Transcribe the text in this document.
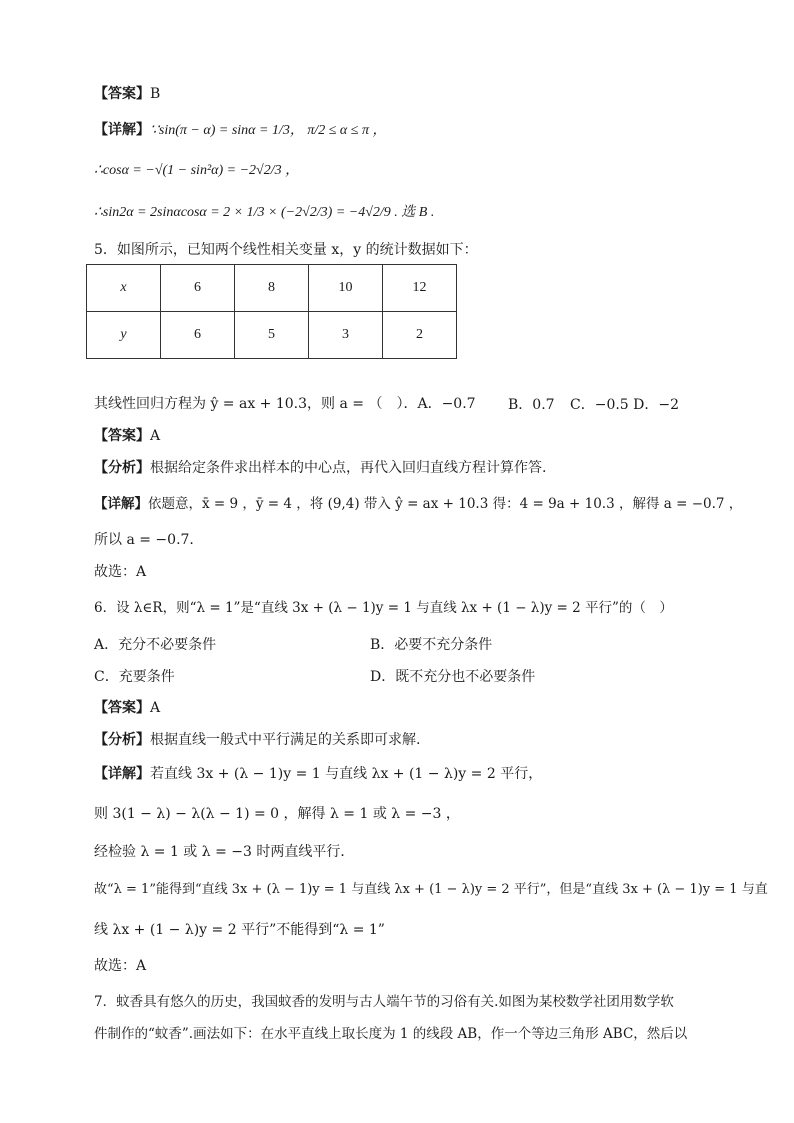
【答案】B
【详解】∵sin(π − α) = sinα = 1/3， π/2 ≤ α ≤ π ，
∴cosα = −√(1 − sin²α) = −2√2/3 ，
∴sin2α = 2sinαcosα = 2 × 1/3 × (−2√2/3) = −4√2/9 . 选 B .
5．如图所示，已知两个线性相关变量 x，y 的统计数据如下：
x	6	8	10	12
y	6	5	3	2
其线性回归方程为 ŷ = ax + 10.3，则 a = （　）．A．−0.7 B．0.7 C．−0.5 D．−2
【答案】A
【分析】根据给定条件求出样本的中心点，再代入回归直线方程计算作答.
【详解】依题意，x̄ = 9 ，ȳ = 4 ，将 (9,4) 带入 ŷ = ax + 10.3 得：4 = 9a + 10.3 ，解得 a = −0.7 ，
所以 a = −0.7.
故选：A
6．设 λ∈R，则“λ = 1”是“直线 3x + (λ − 1)y = 1 与直线 λx + (1 − λ)y = 2 平行”的（　）
A．充分不必要条件	B．必要不充分条件
C．充要条件	D．既不充分也不必要条件
【答案】A
【分析】根据直线一般式中平行满足的关系即可求解.
【详解】若直线 3x + (λ − 1)y = 1 与直线 λx + (1 − λ)y = 2 平行，
则 3(1 − λ) − λ(λ − 1) = 0 ，解得 λ = 1 或 λ = −3 ，
经检验 λ = 1 或 λ = −3 时两直线平行．
故“λ = 1”能得到“直线 3x + (λ − 1)y = 1 与直线 λx + (1 − λ)y = 2 平行”，但是“直线 3x + (λ − 1)y = 1 与直
线 λx + (1 − λ)y = 2 平行”不能得到“λ = 1”
故选：A
7．蚊香具有悠久的历史，我国蚊香的发明与古人端午节的习俗有关.如图为某校数学社团用数学软
件制作的“蚊香”.画法如下：在水平直线上取长度为 1 的线段 AB，作一个等边三角形 ABC，然后以
